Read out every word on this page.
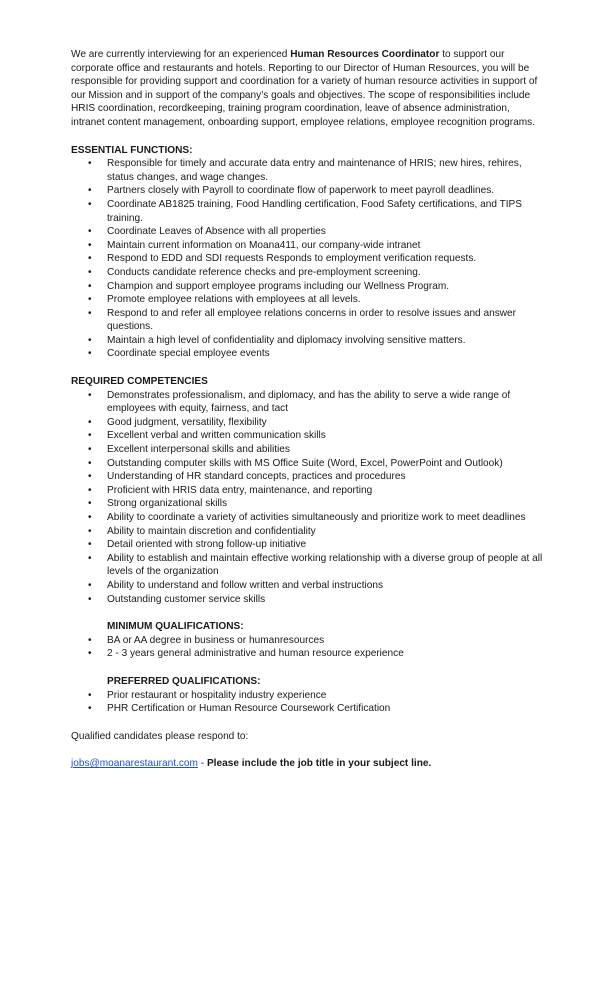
We are currently interviewing for an experienced Human Resources Coordinator to support our corporate office and restaurants and hotels. Reporting to our Director of Human Resources, you will be responsible for providing support and coordination for a variety of human resource activities in support of our Mission and in support of the company’s goals and objectives. The scope of responsibilities include HRIS coordination, recordkeeping, training program coordination, leave of absence administration, intranet content management, onboarding support, employee relations, employee recognition programs.

ESSENTIAL FUNCTIONS:

• Responsible for timely and accurate data entry and maintenance of HRIS; new hires, rehires, status changes, and wage changes.
• Partners closely with Payroll to coordinate flow of paperwork to meet payroll deadlines.
• Coordinate AB1825 training, Food Handling certification, Food Safety certifications, and TIPS training.
• Coordinate Leaves of Absence with all properties
• Maintain current information on Moana411, our company-wide intranet
• Respond to EDD and SDI requests Responds to employment verification requests.
• Conducts candidate reference checks and pre-employment screening.
• Champion and support employee programs including our Wellness Program.
• Promote employee relations with employees at all levels.
• Respond to and refer all employee relations concerns in order to resolve issues and answer questions.
• Maintain a high level of confidentiality and diplomacy involving sensitive matters.
• Coordinate special employee events

REQUIRED COMPETENCIES

• Demonstrates professionalism, and diplomacy, and has the ability to serve a wide range of employees with equity, fairness, and tact
• Good judgment, versatility, flexibility
• Excellent verbal and written communication skills
• Excellent interpersonal skills and abilities
• Outstanding computer skills with MS Office Suite (Word, Excel, PowerPoint and Outlook)
• Understanding of HR standard concepts, practices and procedures
• Proficient with HRIS data entry, maintenance, and reporting
• Strong organizational skills
• Ability to coordinate a variety of activities simultaneously and prioritize work to meet deadlines
• Ability to maintain discretion and confidentiality
• Detail oriented with strong follow-up initiative
• Ability to establish and maintain effective working relationship with a diverse group of people at all levels of the organization
• Ability to understand and follow written and verbal instructions
• Outstanding customer service skills

MINIMUM QUALIFICATIONS:

• BA or AA degree in business or humanresources
• 2 - 3 years general administrative and human resource experience

PREFERRED QUALIFICATIONS:

• Prior restaurant or hospitality industry experience
• PHR Certification or Human Resource Coursework Certification

Qualified candidates please respond to:

jobs@moanarestaurant.com - Please include the job title in your subject line.
